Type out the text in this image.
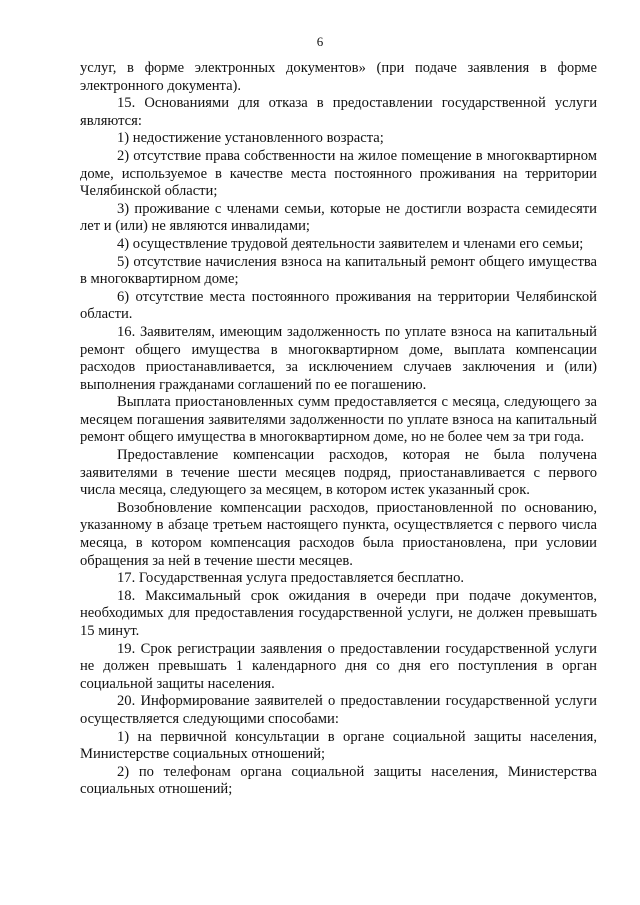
6

услуг, в форме электронных документов» (при подаче заявления в форме электронного документа).

15. Основаниями для отказа в предоставлении государственной услуги являются:

1) недостижение установленного возраста;

2) отсутствие права собственности на жилое помещение в многоквартирном доме, используемое в качестве места постоянного проживания на территории Челябинской области;

3) проживание с членами семьи, которые не достигли возраста семидесяти лет и (или) не являются инвалидами;

4) осуществление трудовой деятельности заявителем и членами его семьи;

5) отсутствие начисления взноса на капитальный ремонт общего имущества в многоквартирном доме;

6) отсутствие места постоянного проживания на территории Челябинской области.

16. Заявителям, имеющим задолженность по уплате взноса на капитальный ремонт общего имущества в многоквартирном доме, выплата компенсации расходов приостанавливается, за исключением случаев заключения и (или) выполнения гражданами соглашений по ее погашению.

Выплата приостановленных сумм предоставляется с месяца, следующего за месяцем погашения заявителями задолженности по уплате взноса на капитальный ремонт общего имущества в многоквартирном доме, но не более чем за три года.

Предоставление компенсации расходов, которая не была получена заявителями в течение шести месяцев подряд, приостанавливается с первого числа месяца, следующего за месяцем, в котором истек указанный срок.

Возобновление компенсации расходов, приостановленной по основанию, указанному в абзаце третьем настоящего пункта, осуществляется с первого числа месяца, в котором компенсация расходов была приостановлена, при условии обращения за ней в течение шести месяцев.

17. Государственная услуга предоставляется бесплатно.

18. Максимальный срок ожидания в очереди при подаче документов, необходимых для предоставления государственной услуги, не должен превышать 15 минут.

19. Срок регистрации заявления о предоставлении государственной услуги не должен превышать 1 календарного дня со дня его поступления в орган социальной защиты населения.

20. Информирование заявителей о предоставлении государственной услуги осуществляется следующими способами:

1) на первичной консультации в органе социальной защиты населения, Министерстве социальных отношений;

2) по телефонам органа социальной защиты населения, Министерства социальных отношений;
